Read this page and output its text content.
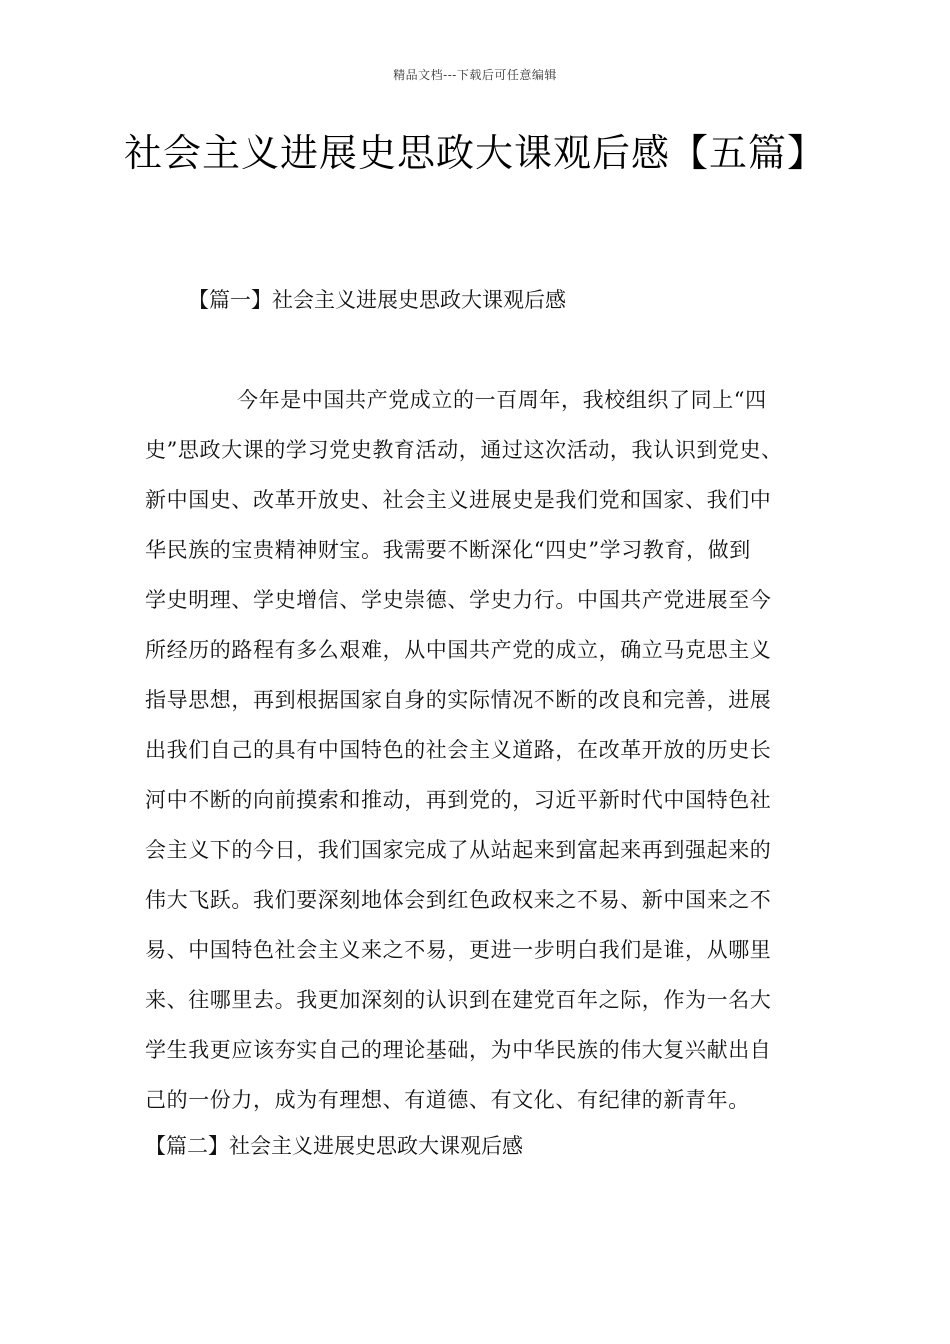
精品文档---下载后可任意编辑
社会主义进展史思政大课观后感【五篇】
【篇一】社会主义进展史思政大课观后感
今年是中国共产党成立的一百周年，我校组织了同上“四
史”思政大课的学习党史教育活动，通过这次活动，我认识到党史、
新中国史、改革开放史、社会主义进展史是我们党和国家、我们中
华民族的宝贵精神财宝。我需要不断深化“四史”学习教育，做到
学史明理、学史增信、学史崇德、学史力行。中国共产党进展至今
所经历的路程有多么艰难，从中国共产党的成立，确立马克思主义
指导思想，再到根据国家自身的实际情况不断的改良和完善，进展
出我们自己的具有中国特色的社会主义道路，在改革开放的历史长
河中不断的向前摸索和推动，再到党的，习近平新时代中国特色社
会主义下的今日，我们国家完成了从站起来到富起来再到强起来的
伟大飞跃。我们要深刻地体会到红色政权来之不易、新中国来之不
易、中国特色社会主义来之不易，更进一步明白我们是谁，从哪里
来、往哪里去。我更加深刻的认识到在建党百年之际，作为一名大
学生我更应该夯实自己的理论基础，为中华民族的伟大复兴献出自
己的一份力，成为有理想、有道德、有文化、有纪律的新青年。
【篇二】社会主义进展史思政大课观后感
